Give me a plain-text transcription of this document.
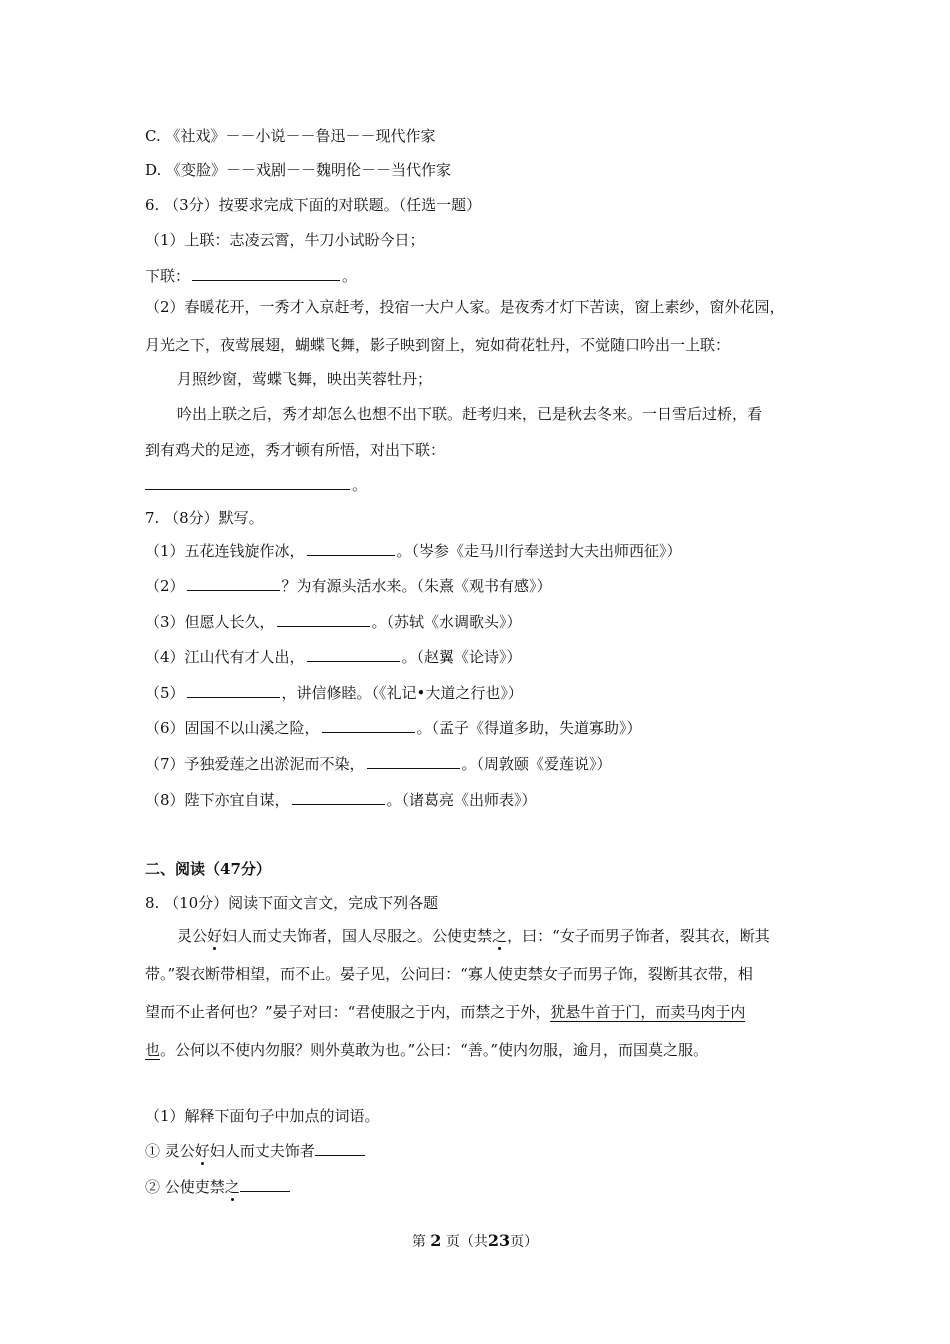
C. 《社戏》－－小说－－鲁迅－－现代作家
D. 《变脸》－－戏剧－－魏明伦－－当代作家
6. （3分）按要求完成下面的对联题。（任选一题）
（1）上联：志凌云霄，牛刀小试盼今日；
下联：	。
（2）春暖花开，一秀才入京赶考，投宿一大户人家。是夜秀才灯下苦读，窗上素纱，窗外花园，
月光之下，夜莺展翅，蝴蝶飞舞，影子映到窗上，宛如荷花牡丹，不觉随口吟出一上联：
月照纱窗，莺蝶飞舞，映出芙蓉牡丹；
吟出上联之后，秀才却怎么也想不出下联。赶考归来，已是秋去冬来。一日雪后过桥，看
到有鸡犬的足迹，秀才顿有所悟，对出下联：
。
7. （8分）默写。
（1）五花连钱旋作冰，	。（岑参《走马川行奉送封大夫出师西征》）
（2）	？为有源头活水来。（朱熹《观书有感》）
（3）但愿人长久，	。（苏轼《水调歌头》）
（4）江山代有才人出，	。（赵翼《论诗》）
（5）	，讲信修睦。（《礼记•大道之行也》）
（6）固国不以山溪之险，	。（孟子《得道多助，失道寡助》）
（7）予独爱莲之出淤泥而不染，	。（周敦颐《爱莲说》）
（8）陛下亦宜自谋，	。（诸葛亮《出师表》）
二、阅读（47分）
8. （10分）阅读下面文言文，完成下列各题
灵公好妇人而丈夫饰者，国人尽服之。公使吏禁之，曰：“女子而男子饰者，裂其衣，断其
带。”裂衣断带相望，而不止。晏子见，公问曰：“寡人使吏禁女子而男子饰，裂断其衣带，相
望而不止者何也？”晏子对曰：“君使服之于内，而禁之于外，犹悬牛首于门，而卖马肉于内
也。公何以不使内勿服？则外莫敢为也。”公曰：“善。”使内勿服，逾月，而国莫之服。
（1）解释下面句子中加点的词语。
① 灵公好妇人而丈夫饰者
② 公使吏禁之
第 2 页（共23页）
